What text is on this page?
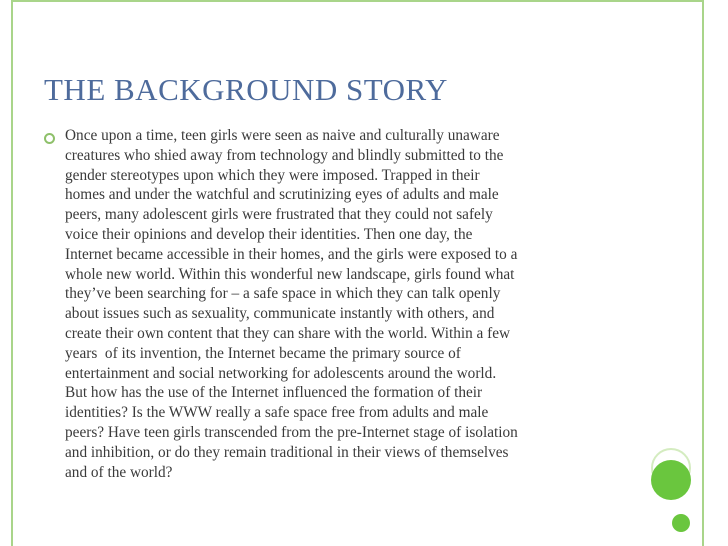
THE BACKGROUND STORY
Once upon a time, teen girls were seen as naive and culturally unaware
creatures who shied away from technology and blindly submitted to the
gender stereotypes upon which they were imposed. Trapped in their
homes and under the watchful and scrutinizing eyes of adults and male
peers, many adolescent girls were frustrated that they could not safely
voice their opinions and develop their identities. Then one day, the
Internet became accessible in their homes, and the girls were exposed to a
whole new world. Within this wonderful new landscape, girls found what
they’ve been searching for – a safe space in which they can talk openly
about issues such as sexuality, communicate instantly with others, and
create their own content that they can share with the world. Within a few
years  of its invention, the Internet became the primary source of
entertainment and social networking for adolescents around the world.
But how has the use of the Internet influenced the formation of their
identities? Is the WWW really a safe space free from adults and male
peers? Have teen girls transcended from the pre-Internet stage of isolation
and inhibition, or do they remain traditional in their views of themselves
and of the world?
